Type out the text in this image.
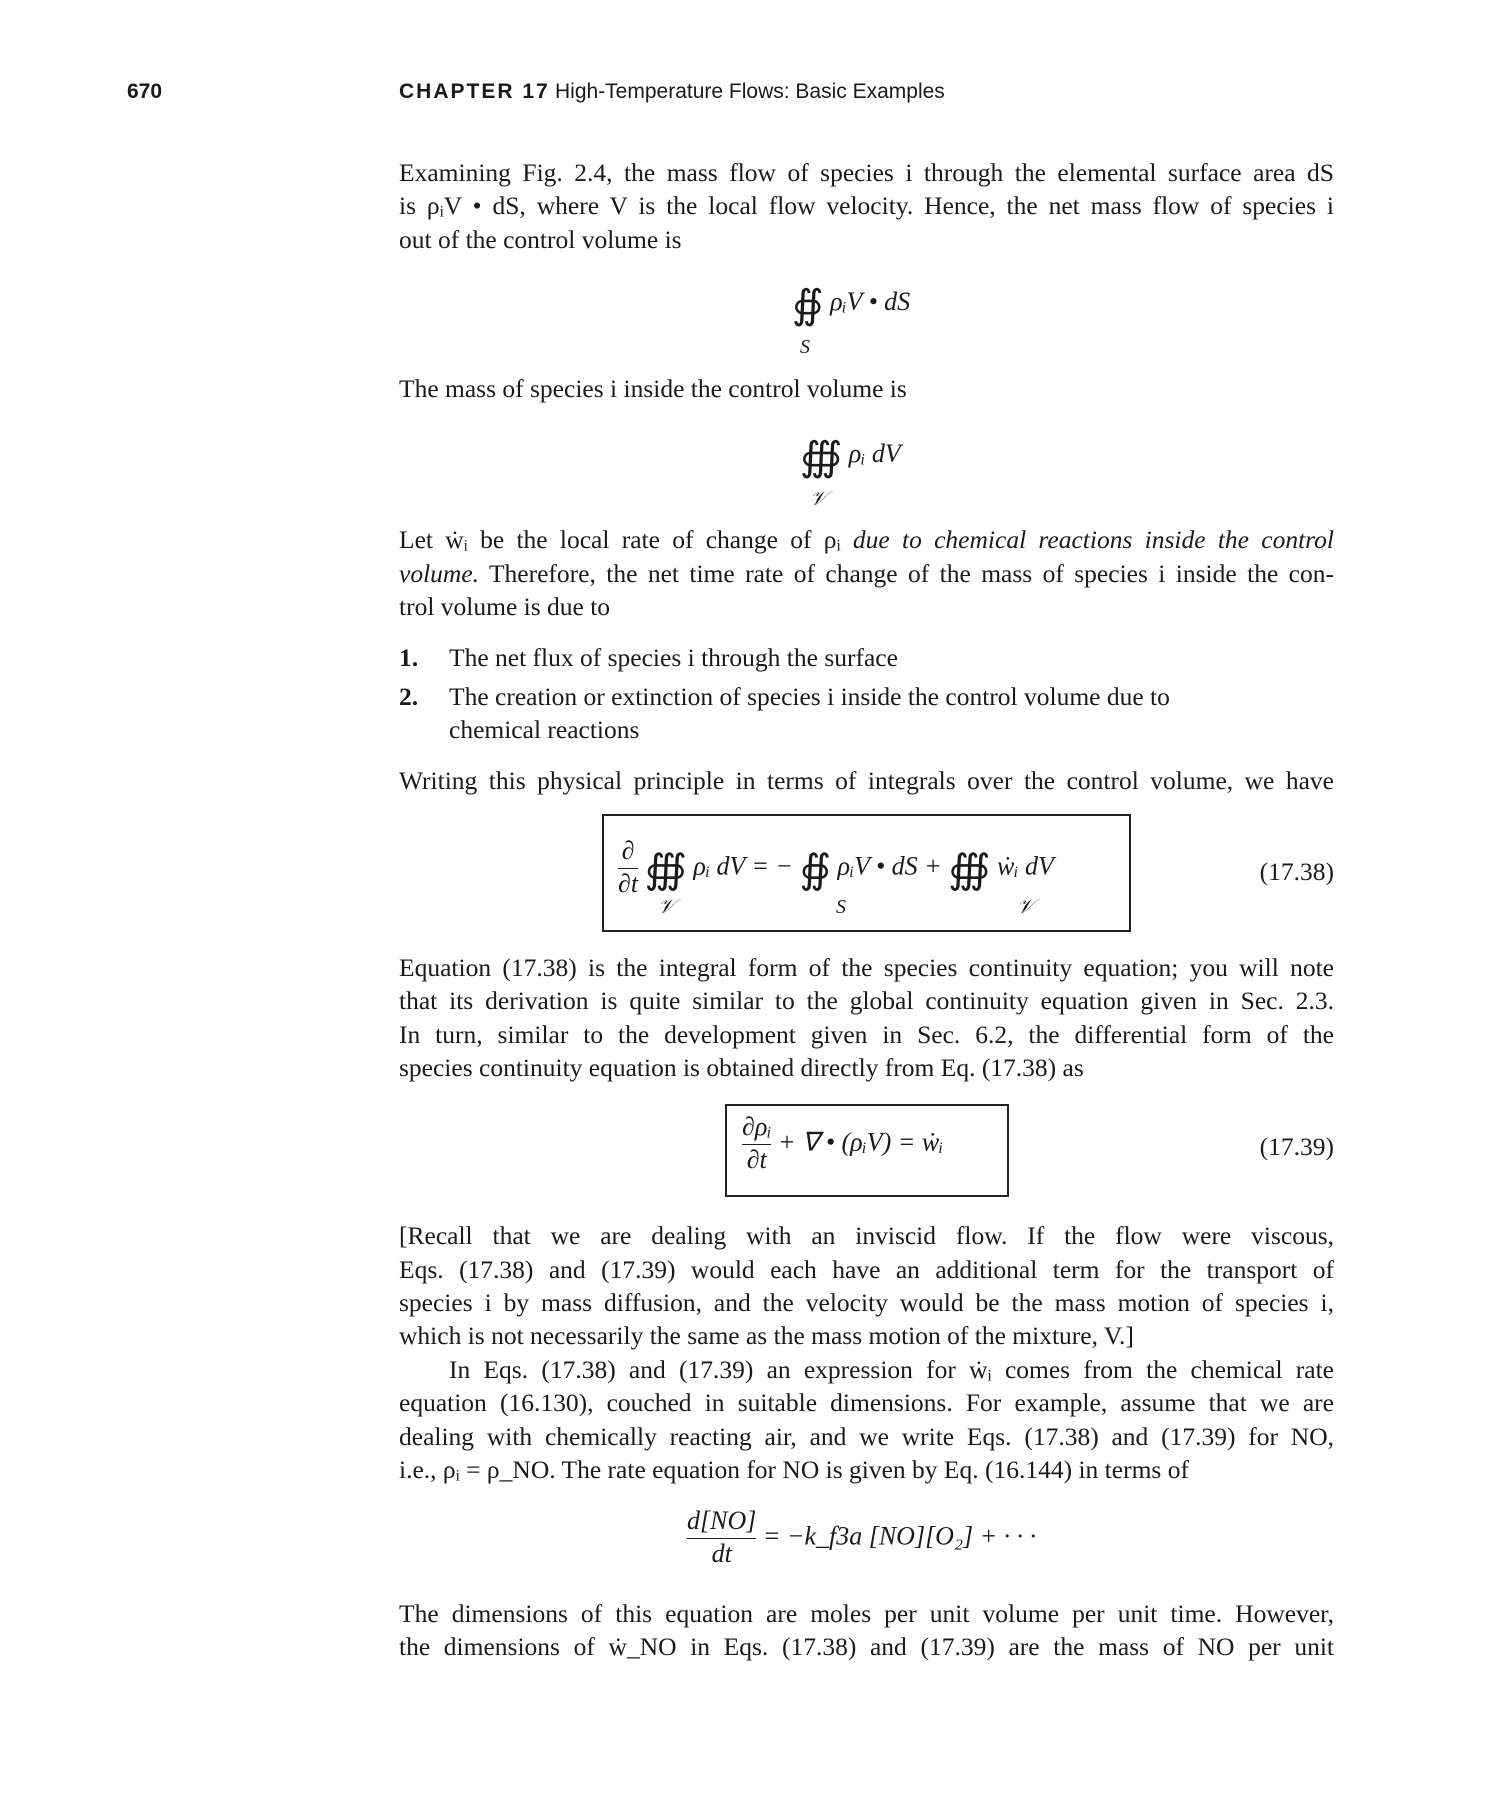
670	CHAPTER 17 High-Temperature Flows: Basic Examples
Examining Fig. 2.4, the mass flow of species i through the elemental surface area dS
is ρᵢV • dS, where V is the local flow velocity. Hence, the net mass flow of species i
out of the control volume is
∯ ρᵢV • dS
S
The mass of species i inside the control volume is
∰ ρᵢ dV
𝒱
Let ẇᵢ be the local rate of change of ρᵢ due to chemical reactions inside the control
volume. Therefore, the net time rate of change of the mass of species i inside the con-
trol volume is due to
1. The net flux of species i through the surface
2. The creation or extinction of species i inside the control volume due to
chemical reactions
Writing this physical principle in terms of integrals over the control volume, we have
$\frac{\partial}{\partial t}$ ∰ ρᵢ dV = − ∯ ρᵢV • dS + ∰ ẇᵢ dV
𝒱	S	𝒱
(17.38)
Equation (17.38) is the integral form of the species continuity equation; you will note
that its derivation is quite similar to the global continuity equation given in Sec. 2.3.
In turn, similar to the development given in Sec. 6.2, the differential form of the
species continuity equation is obtained directly from Eq. (17.38) as
$\frac{\text{∂ρᵢ}}{\partial t}$ + ∇ • (ρᵢV) = ẇᵢ	(17.39)
[Recall that we are dealing with an inviscid flow. If the flow were viscous,
Eqs. (17.38) and (17.39) would each have an additional term for the transport of
species i by mass diffusion, and the velocity would be the mass motion of species i,
which is not necessarily the same as the mass motion of the mixture, V.]
In Eqs. (17.38) and (17.39) an expression for ẇᵢ comes from the chemical rate
equation (16.130), couched in suitable dimensions. For example, assume that we are
dealing with chemically reacting air, and we write Eqs. (17.38) and (17.39) for NO,
i.e., ρᵢ = ρ_NO. The rate equation for NO is given by Eq. (16.144) in terms of
$\frac{d[NO]}{dt}$ = −k_f3a [NO][O₂] + · · ·
The dimensions of this equation are moles per unit volume per unit time. However,
the dimensions of ẇ_NO in Eqs. (17.38) and (17.39) are the mass of NO per unit
